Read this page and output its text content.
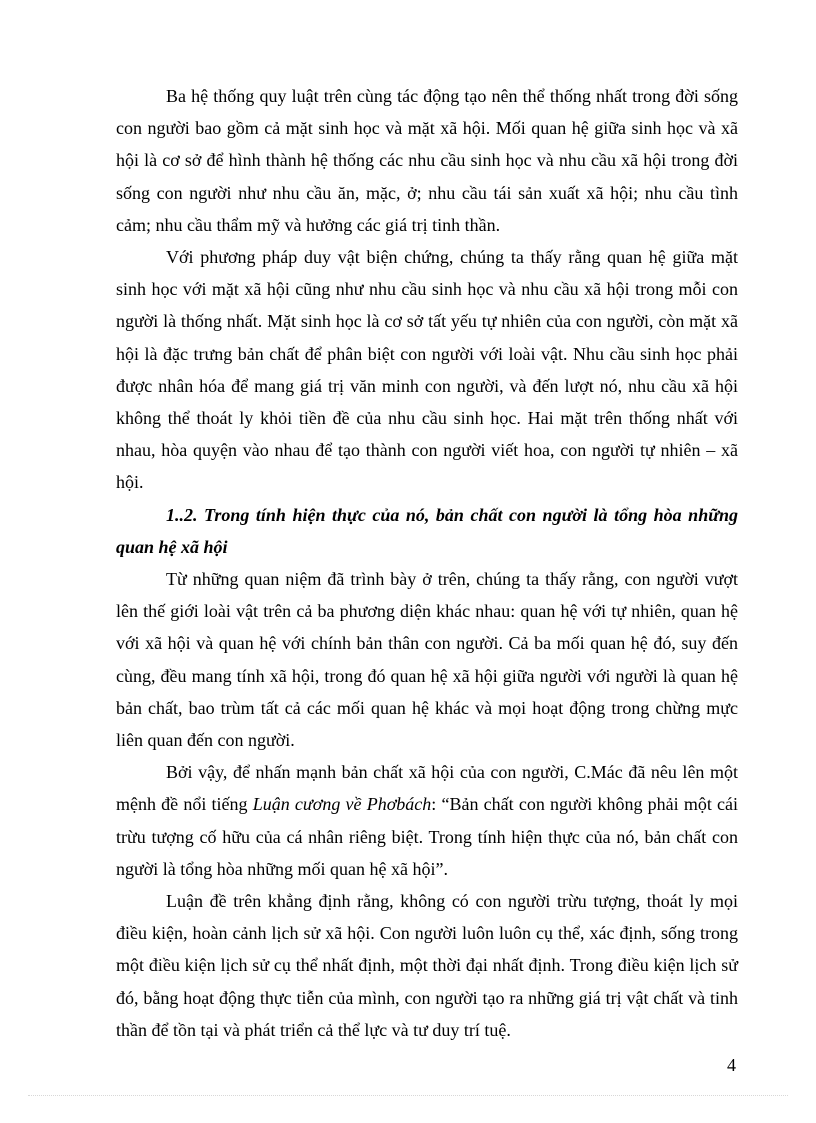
Ba hệ thống quy luật trên cùng tác động tạo nên thể thống nhất trong đời sống con người bao gồm cả mặt sinh học và mặt xã hội. Mối quan hệ giữa sinh học và xã hội là cơ sở để hình thành hệ thống các nhu cầu sinh học và nhu cầu xã hội trong đời sống con người như nhu cầu ăn, mặc, ở; nhu cầu tái sản xuất xã hội; nhu cầu tình cảm; nhu cầu thẩm mỹ và hưởng các giá trị tinh thần.

Với phương pháp duy vật biện chứng, chúng ta thấy rằng quan hệ giữa mặt sinh học với mặt xã hội cũng như nhu cầu sinh học và nhu cầu xã hội trong mỗi con người là thống nhất. Mặt sinh học là cơ sở tất yếu tự nhiên của con người, còn mặt xã hội là đặc trưng bản chất để phân biệt con người với loài vật. Nhu cầu sinh học phải được nhân hóa để mang giá trị văn minh con người, và đến lượt nó, nhu cầu xã hội không thể thoát ly khỏi tiền đề của nhu cầu sinh học. Hai mặt trên thống nhất với nhau, hòa quyện vào nhau để tạo thành con người viết hoa, con người tự nhiên – xã hội.

1..2. Trong tính hiện thực của nó, bản chất con người là tổng hòa những quan hệ xã hội

Từ những quan niệm đã trình bày ở trên, chúng ta thấy rằng, con người vượt lên thế giới loài vật trên cả ba phương diện khác nhau: quan hệ với tự nhiên, quan hệ với xã hội và quan hệ với chính bản thân con người. Cả ba mối quan hệ đó, suy đến cùng, đều mang tính xã hội, trong đó quan hệ xã hội giữa người với người là quan hệ bản chất, bao trùm tất cả các mối quan hệ khác và mọi hoạt động trong chừng mực liên quan đến con người.

Bởi vậy, để nhấn mạnh bản chất xã hội của con người, C.Mác đã nêu lên một mệnh đề nổi tiếng Luận cương về Phơbách: “Bản chất con người không phải một cái trừu tượng cố hữu của cá nhân riêng biệt. Trong tính hiện thực của nó, bản chất con người là tổng hòa những mối quan hệ xã hội”.

Luận đề trên khẳng định rằng, không có con người trừu tượng, thoát ly mọi điều kiện, hoàn cảnh lịch sử xã hội. Con người luôn luôn cụ thể, xác định, sống trong một điều kiện lịch sử cụ thể nhất định, một thời đại nhất định. Trong điều kiện lịch sử đó, bằng hoạt động thực tiễn của mình, con người tạo ra những giá trị vật chất và tinh thần để tồn tại và phát triển cả thể lực và tư duy trí tuệ.

4
